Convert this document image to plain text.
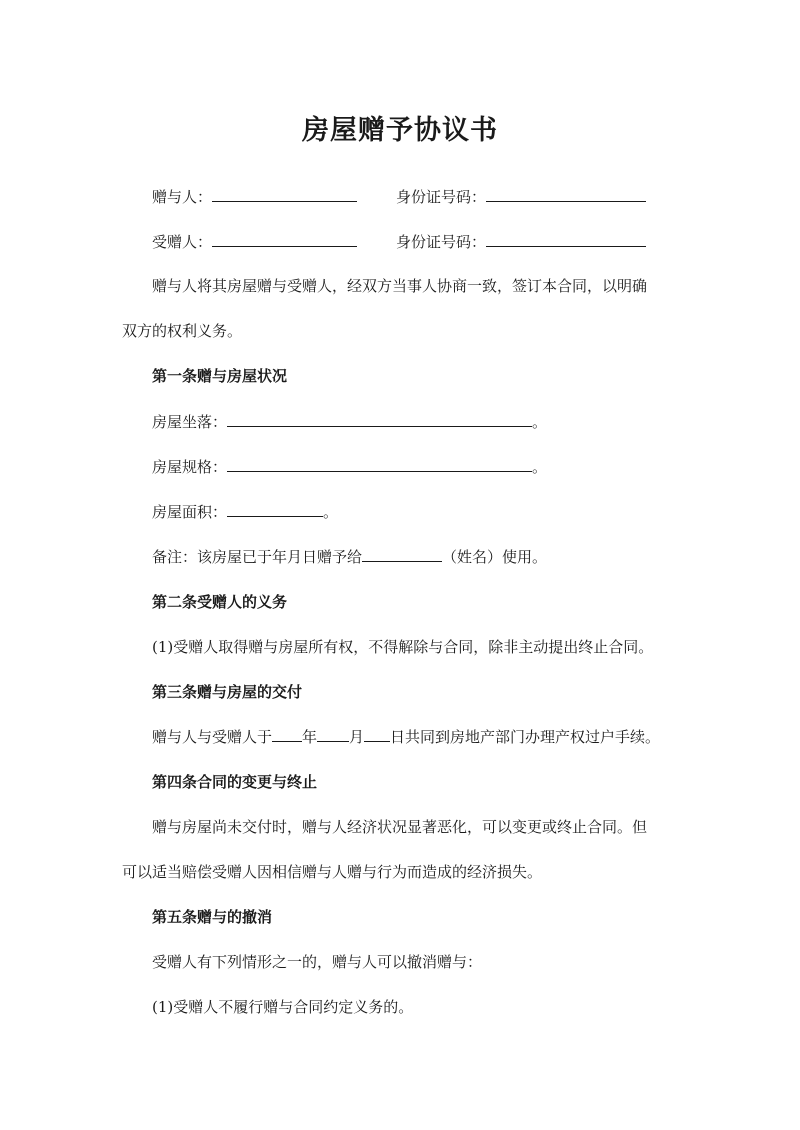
房屋赠予协议书
赠与人：	身份证号码：
受赠人：	身份证号码：
赠与人将其房屋赠与受赠人，经双方当事人协商一致，签订本合同，以明确
双方的权利义务。
第一条赠与房屋状况
房屋坐落：	。
房屋规格：	。
房屋面积：	。
备注：该房屋已于年月日赠予给	（姓名）使用。
第二条受赠人的义务
(1)受赠人取得赠与房屋所有权，不得解除与合同，除非主动提出终止合同。
第三条赠与房屋的交付
赠与人与受赠人于 年 月 日共同到房地产部门办理产权过户手续。
第四条合同的变更与终止
赠与房屋尚未交付时，赠与人经济状况显著恶化，可以变更或终止合同。但
可以适当赔偿受赠人因相信赠与人赠与行为而造成的经济损失。
第五条赠与的撤消
受赠人有下列情形之一的，赠与人可以撤消赠与：
(1)受赠人不履行赠与合同约定义务的。
